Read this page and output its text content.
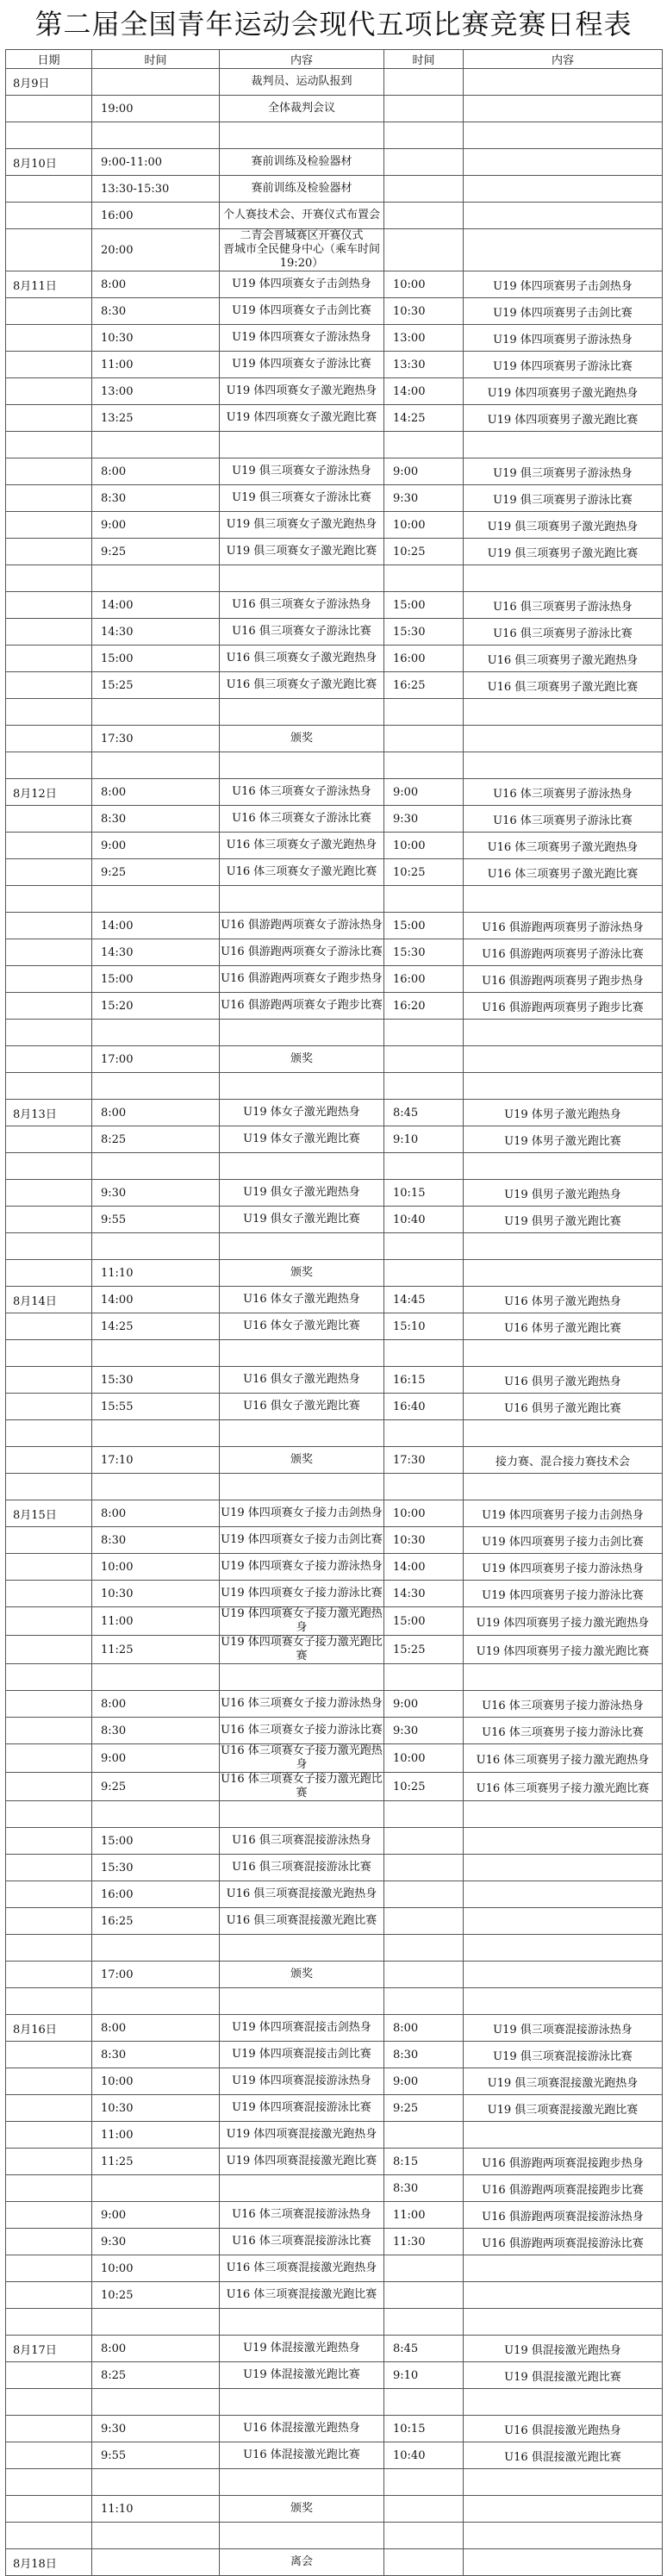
第二届全国青年运动会现代五项比赛竞赛日程表
日期	时间	内容	时间	内容
8月9日		裁判员、运动队报到		
	19:00	全体裁判会议		

8月10日	9:00-11:00	赛前训练及检验器材		
	13:30-15:30	赛前训练及检验器材		
	16:00	个人赛技术会、开赛仪式布置会		
	20:00	二青会晋城赛区开赛仪式
晋城市全民健身中心（乘车时间19:20）		

8月11日	8:00	U19 体四项赛女子击剑热身	10:00	U19 体四项赛男子击剑热身
	8:30	U19 体四项赛女子击剑比赛	10:30	U19 体四项赛男子击剑比赛
	10:30	U19 体四项赛女子游泳热身	13:00	U19 体四项赛男子游泳热身
	11:00	U19 体四项赛女子游泳比赛	13:30	U19 体四项赛男子游泳比赛
	13:00	U19 体四项赛女子激光跑热身	14:00	U19 体四项赛男子激光跑热身
	13:25	U19 体四项赛女子激光跑比赛	14:25	U19 体四项赛男子激光跑比赛

	8:00	U19 俱三项赛女子游泳热身	9:00	U19 俱三项赛男子游泳热身
	8:30	U19 俱三项赛女子游泳比赛	9:30	U19 俱三项赛男子游泳比赛
	9:00	U19 俱三项赛女子激光跑热身	10:00	U19 俱三项赛男子激光跑热身
	9:25	U19 俱三项赛女子激光跑比赛	10:25	U19 俱三项赛男子激光跑比赛

	14:00	U16 俱三项赛女子游泳热身	15:00	U16 俱三项赛男子游泳热身
	14:30	U16 俱三项赛女子游泳比赛	15:30	U16 俱三项赛男子游泳比赛
	15:00	U16 俱三项赛女子激光跑热身	16:00	U16 俱三项赛男子激光跑热身
	15:25	U16 俱三项赛女子激光跑比赛	16:25	U16 俱三项赛男子激光跑比赛

	17:30	颁奖		

8月12日	8:00	U16 体三项赛女子游泳热身	9:00	U16 体三项赛男子游泳热身
	8:30	U16 体三项赛女子游泳比赛	9:30	U16 体三项赛男子游泳比赛
	9:00	U16 体三项赛女子激光跑热身	10:00	U16 体三项赛男子激光跑热身
	9:25	U16 体三项赛女子激光跑比赛	10:25	U16 体三项赛男子激光跑比赛

	14:00	U16 俱游跑两项赛女子游泳热身	15:00	U16 俱游跑两项赛男子游泳热身
	14:30	U16 俱游跑两项赛女子游泳比赛	15:30	U16 俱游跑两项赛男子游泳比赛
	15:00	U16 俱游跑两项赛女子跑步热身	16:00	U16 俱游跑两项赛男子跑步热身
	15:20	U16 俱游跑两项赛女子跑步比赛	16:20	U16 俱游跑两项赛男子跑步比赛

	17:00	颁奖		

8月13日	8:00	U19 体女子激光跑热身	8:45	U19 体男子激光跑热身
	8:25	U19 体女子激光跑比赛	9:10	U19 体男子激光跑比赛

	9:30	U19 俱女子激光跑热身	10:15	U19 俱男子激光跑热身
	9:55	U19 俱女子激光跑比赛	10:40	U19 俱男子激光跑比赛

	11:10	颁奖		
8月14日	14:00	U16 体女子激光跑热身	14:45	U16 体男子激光跑热身
	14:25	U16 体女子激光跑比赛	15:10	U16 体男子激光跑比赛

	15:30	U16 俱女子激光跑热身	16:15	U16 俱男子激光跑热身
	15:55	U16 俱女子激光跑比赛	16:40	U16 俱男子激光跑比赛

	17:10	颁奖	17:30	接力赛、混合接力赛技术会

8月15日	8:00	U19 体四项赛女子接力击剑热身	10:00	U19 体四项赛男子接力击剑热身
	8:30	U19 体四项赛女子接力击剑比赛	10:30	U19 体四项赛男子接力击剑比赛
	10:00	U19 体四项赛女子接力游泳热身	14:00	U19 体四项赛男子接力游泳热身
	10:30	U19 体四项赛女子接力游泳比赛	14:30	U19 体四项赛男子接力游泳比赛
	11:00	U19 体四项赛女子接力激光跑热身	15:00	U19 体四项赛男子接力激光跑热身
	11:25	U19 体四项赛女子接力激光跑比赛	15:25	U19 体四项赛男子接力激光跑比赛

	8:00	U16 体三项赛女子接力游泳热身	9:00	U16 体三项赛男子接力游泳热身
	8:30	U16 体三项赛女子接力游泳比赛	9:30	U16 体三项赛男子接力游泳比赛
	9:00	U16 体三项赛女子接力激光跑热身	10:00	U16 体三项赛男子接力激光跑热身
	9:25	U16 体三项赛女子接力激光跑比赛	10:25	U16 体三项赛男子接力激光跑比赛

	15:00	U16 俱三项赛混接游泳热身		
	15:30	U16 俱三项赛混接游泳比赛		
	16:00	U16 俱三项赛混接激光跑热身		
	16:25	U16 俱三项赛混接激光跑比赛		

	17:00	颁奖		

8月16日	8:00	U19 体四项赛混接击剑热身	8:00	U19 俱三项赛混接游泳热身
	8:30	U19 体四项赛混接击剑比赛	8:30	U19 俱三项赛混接游泳比赛
	10:00	U19 体四项赛混接游泳热身	9:00	U19 俱三项赛混接激光跑热身
	10:30	U19 体四项赛混接游泳比赛	9:25	U19 俱三项赛混接激光跑比赛
	11:00	U19 体四项赛混接激光跑热身		
	11:25	U19 体四项赛混接激光跑比赛	8:15	U16 俱游跑两项赛混接跑步热身
			8:30	U16 俱游跑两项赛混接跑步比赛
	9:00	U16 体三项赛混接游泳热身	11:00	U16 俱游跑两项赛混接游泳热身
	9:30	U16 体三项赛混接游泳比赛	11:30	U16 俱游跑两项赛混接游泳比赛
	10:00	U16 体三项赛混接激光跑热身		
	10:25	U16 体三项赛混接激光跑比赛		

8月17日	8:00	U19 体混接激光跑热身	8:45	U19 俱混接激光跑热身
	8:25	U19 体混接激光跑比赛	9:10	U19 俱混接激光跑比赛

	9:30	U16 体混接激光跑热身	10:15	U16 俱混接激光跑热身
	9:55	U16 体混接激光跑比赛	10:40	U16 俱混接激光跑比赛

	11:10	颁奖		

8月18日		离会		
